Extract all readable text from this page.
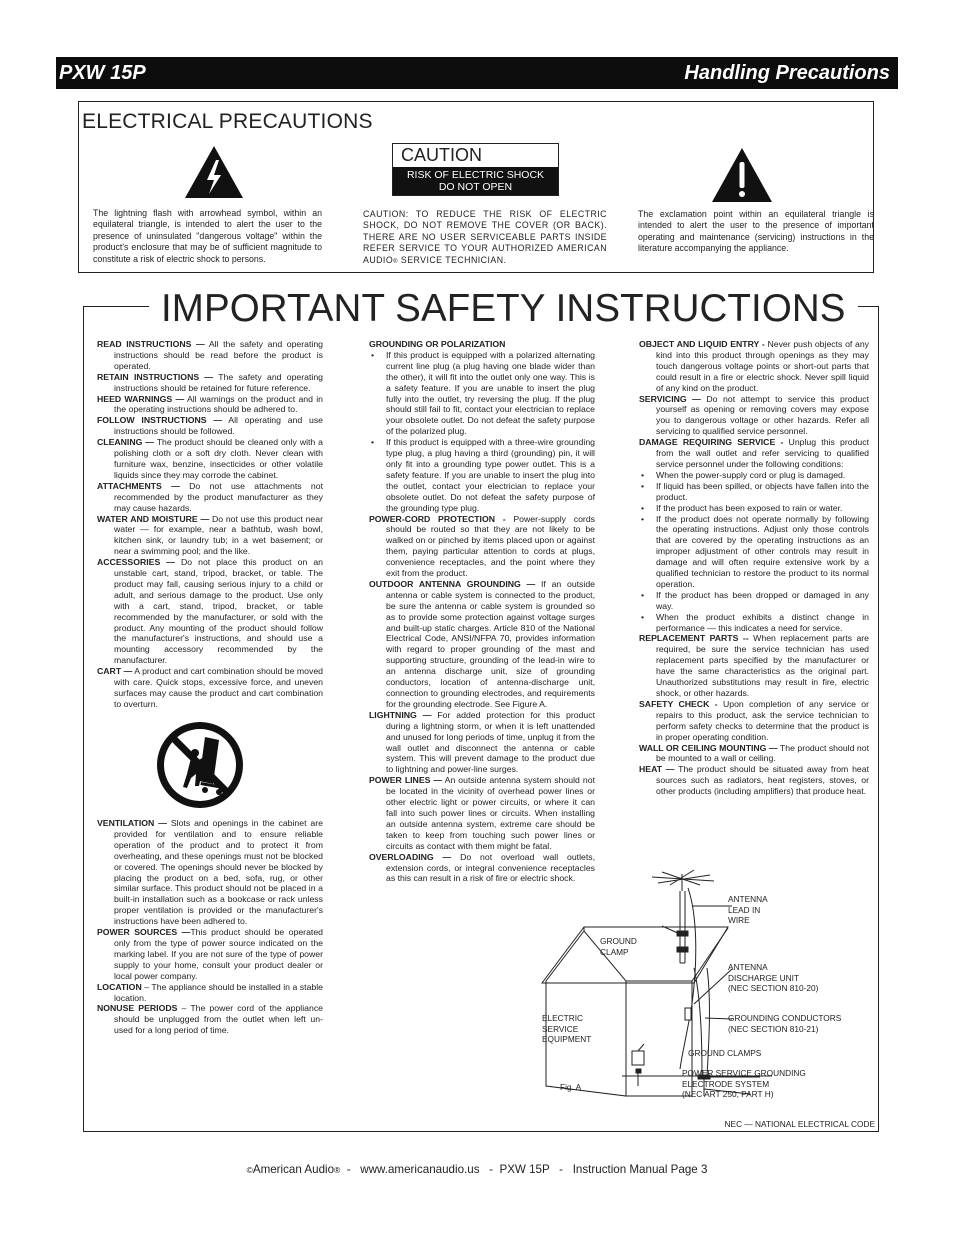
PXW 15P	Handling Precautions
ELECTRICAL PRECAUTIONS
CAUTION
RISK OF ELECTRIC SHOCK
DO NOT OPEN
The lightning flash with arrowhead symbol, within an equilateral triangle, is intended to alert the user to the presence of uninsulated "dangerous voltage" within the product's enclosure that may be of sufficient magnitude to constitute a risk of electric shock to persons.
CAUTION: TO REDUCE THE RISK OF ELECTRIC SHOCK, DO NOT REMOVE THE COVER (OR BACK). THERE ARE NO USER SERVICEABLE PARTS INSIDE REFER SERVICE TO YOUR AUTHORIZED AMERICAN AUDIO® SERVICE TECHNICIAN.
The exclamation point within an equilateral triangle is intended to alert the user to the presence of important operating and maintenance (servicing) instructions in the literature accompanying the appliance.
IMPORTANT SAFETY INSTRUCTIONS
READ INSTRUCTIONS — All the safety and operating instructions should be read before the product is operated.
RETAIN INSTRUCTIONS — The safety and operating instructions should be retained for future reference.
HEED WARNINGS — All warnings on the product and in the operating instructions should be adhered to.
FOLLOW INSTRUCTIONS — All operating and use instructions should be followed.
CLEANING — The product should be cleaned only with a polishing cloth or a soft dry cloth. Never clean with furniture wax, benzine, insecticides or other volatile liquids since they may corrode the cabinet.
ATTACHMENTS — Do not use attachments not recommended by the product manufacturer as they may cause hazards.
WATER AND MOISTURE — Do not use this product near water — for example, near a bathtub, wash bowl, kitchen sink, or laundry tub; in a wet basement; or near a swimming pool; and the like.
ACCESSORIES — Do not place this product on an unstable cart, stand, tripod, bracket, or table. The product may fall, causing serious injury to a child or adult, and serious damage to the product. Use only with a cart, stand, tripod, bracket, or table recommended by the manufacturer, or sold with the product. Any mounting of the product should follow the manufacturer's instructions, and should use a mounting accessory recommended by the manufacturer.
CART — A product and cart combination should be moved with care. Quick stops, excessive force, and uneven surfaces may cause the product and cart combination to overturn.
VENTILATION — Slots and openings in the cabinet are provided for ventilation and to ensure reliable operation of the product and to protect it from overheating, and these openings must not be blocked or covered. The openings should never be blocked by placing the product on a bed, sofa, rug, or other similar surface. This product should not be placed in a built-in installation such as a bookcase or rack unless proper ventilation is provided or the manufacturer's instructions have been adhered to.
POWER SOURCES —This product should be operated only from the type of power source indicated on the marking label. If you are not sure of the type of power supply to your home, consult your product dealer or local power company.
LOCATION – The appliance should be installed in a stable location.
NONUSE PERIODS – The power cord of the appliance should be unplugged from the outlet when left un-used for a long period of time.
GROUNDING OR POLARIZATION
• If this product is equipped with a polarized alternating current line plug (a plug having one blade wider than the other), it will fit into the outlet only one way. This is a safety feature. If you are unable to insert the plug fully into the outlet, try reversing the plug. If the plug should still fail to fit, contact your electrician to replace your obsolete outlet. Do not defeat the safety purpose of the polarized plug.
• If this product is equipped with a three-wire grounding type plug, a plug having a third (grounding) pin, it will only fit into a grounding type power outlet. This is a safety feature. If you are unable to insert the plug into the outlet, contact your electrician to replace your obsolete outlet. Do not defeat the safety purpose of the grounding type plug.
POWER-CORD PROTECTION - Power-supply cords should be routed so that they are not likely to be walked on or pinched by items placed upon or against them, paying particular attention to cords at plugs, convenience receptacles, and the point where they exit from the product.
OUTDOOR ANTENNA GROUNDING — If an outside antenna or cable system is connected to the product, be sure the antenna or cable system is grounded so as to provide some protection against voltage surges and built-up static charges. Article 810 of the National Electrical Code, ANSI/NFPA 70, provides information with regard to proper grounding of the mast and supporting structure, grounding of the lead-in wire to an antenna discharge unit, size of grounding conductors, location of antenna-discharge unit, connection to grounding electrodes, and requirements for the grounding electrode. See Figure A.
LIGHTNING — For added protection for this product during a lightning storm, or when it is left unattended and unused for long periods of time, unplug it from the wall outlet and disconnect the antenna or cable system. This will prevent damage to the product due to lightning and power-line surges.
POWER LINES — An outside antenna system should not be located in the vicinity of overhead power lines or other electric light or power circuits, or where it can fall into such power lines or circuits. When installing an outside antenna system, extreme care should be taken to keep from touching such power lines or circuits as contact with them might be fatal.
OVERLOADING — Do not overload wall outlets, extension cords, or integral convenience receptacles as this can result in a risk of fire or electric shock.
OBJECT AND LIQUID ENTRY - Never push objects of any kind into this product through openings as they may touch dangerous voltage points or short-out parts that could result in a fire or electric shock. Never spill liquid of any kind on the product.
SERVICING — Do not attempt to service this product yourself as opening or removing covers may expose you to dangerous voltage or other hazards. Refer all servicing to qualified service personnel.
DAMAGE REQUIRING SERVICE - Unplug this product from the wall outlet and refer servicing to qualified service personnel under the following conditions:
• When the power-supply cord or plug is damaged.
• If liquid has been spilled, or objects have fallen into the product.
• If the product has been exposed to rain or water.
• If the product does not operate normally by following the operating instructions. Adjust only those controls that are covered by the operating instructions as an improper adjustment of other controls may result in damage and will often require extensive work by a qualified technician to restore the product to its normal operation.
• If the product has been dropped or damaged in any way.
• When the product exhibits a distinct change in performance — this indicates a need for service.
REPLACEMENT PARTS -- When replacement parts are required, be sure the service technician has used replacement parts specified by the manufacturer or have the same characteristics as the original part. Unauthorized substitutions may result in fire, electric shock, or other hazards.
SAFETY CHECK - Upon completion of any service or repairs to this product, ask the service technician to perform safety checks to determine that the product is in proper operating condition.
WALL OR CEILING MOUNTING — The product should not be mounted to a wall or ceiling.
HEAT — The product should be situated away from heat sources such as radiators, heat registers, stoves, or other products (including amplifiers) that produce heat.
ANTENNA
LEAD IN
WIRE
GROUND
CLAMP
ANTENNA
DISCHARGE UNIT
(NEC SECTION 810-20)
ELECTRIC
SERVICE
EQUIPMENT
GROUNDING CONDUCTORS
(NEC SECTION 810-21)
GROUND CLAMPS
POWER SERVICE GROUNDING
ELECTRODE SYSTEM
(NEC ART 250, PART H)
Fig. A
NEC — NATIONAL ELECTRICAL CODE
©American Audio®  -   www.americanaudio.us   -  PXW 15P   -   Instruction Manual Page 3
